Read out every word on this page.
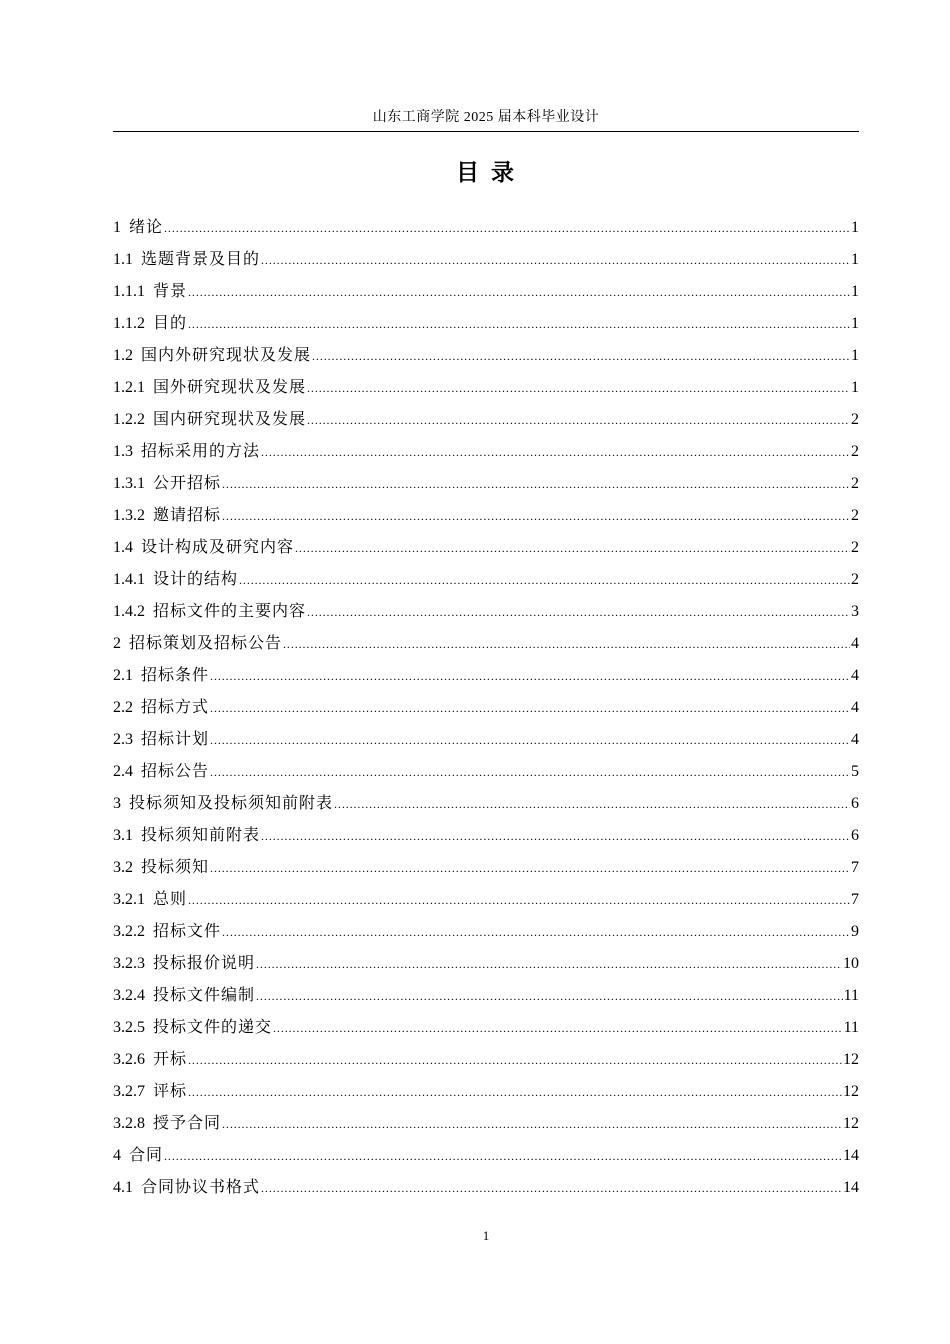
山东工商学院 2025 届本科毕业设计
目 录
1 绪论 .....	1
1.1 选题背景及目的 .....	1
1.1.1 背景 .....	1
1.1.2 目的 .....	1
1.2 国内外研究现状及发展 .....	1
1.2.1 国外研究现状及发展 .....	1
1.2.2 国内研究现状及发展 .....	2
1.3 招标采用的方法 .....	2
1.3.1 公开招标 .....	2
1.3.2 邀请招标 .....	2
1.4 设计构成及研究内容 .....	2
1.4.1 设计的结构 .....	2
1.4.2 招标文件的主要内容 .....	3
2 招标策划及招标公告 .....	4
2.1 招标条件 .....	4
2.2 招标方式 .....	4
2.3 招标计划 .....	4
2.4 招标公告 .....	5
3 投标须知及投标须知前附表 .....	6
3.1 投标须知前附表 .....	6
3.2 投标须知 .....	7
3.2.1 总则 .....	7
3.2.2 招标文件 .....	9
3.2.3 投标报价说明 .....	10
3.2.4 投标文件编制 .....	11
3.2.5 投标文件的递交 .....	11
3.2.6 开标 .....	12
3.2.7 评标 .....	12
3.2.8 授予合同 .....	12
4 合同 .....	14
4.1 合同协议书格式 .....	14
1
